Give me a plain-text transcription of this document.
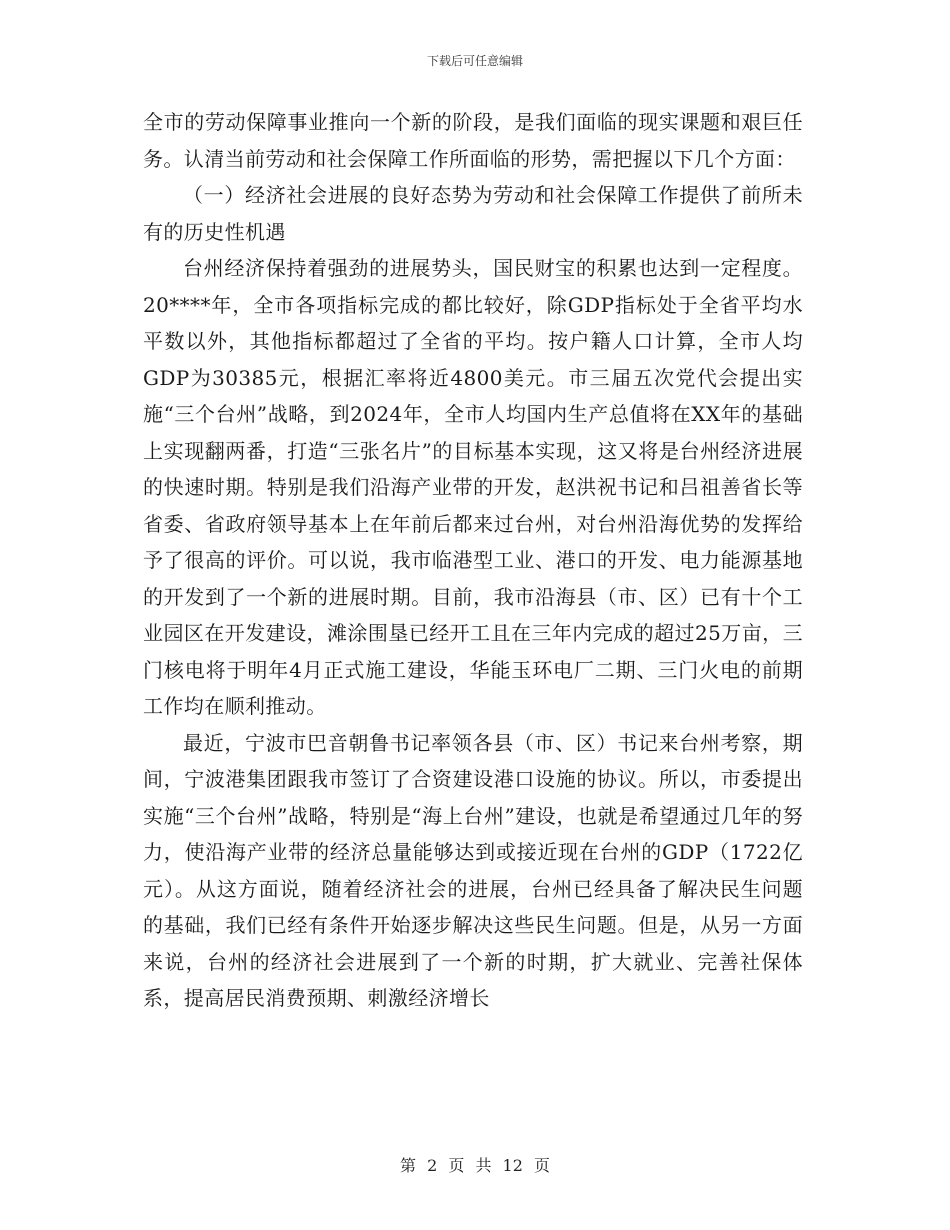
下载后可任意编辑

全市的劳动保障事业推向一个新的阶段，是我们面临的现实课题和艰巨任务。认清当前劳动和社会保障工作所面临的形势，需把握以下几个方面：

（一）经济社会进展的良好态势为劳动和社会保障工作提供了前所未有的历史性机遇

台州经济保持着强劲的进展势头，国民财宝的积累也达到一定程度。20****年，全市各项指标完成的都比较好，除GDP指标处于全省平均水平数以外，其他指标都超过了全省的平均。按户籍人口计算，全市人均GDP为30385元，根据汇率将近4800美元。市三届五次党代会提出实施“三个台州”战略，到2024年，全市人均国内生产总值将在XX年的基础上实现翻两番，打造“三张名片”的目标基本实现，这又将是台州经济进展的快速时期。特别是我们沿海产业带的开发，赵洪祝书记和吕祖善省长等省委、省政府领导基本上在年前后都来过台州，对台州沿海优势的发挥给予了很高的评价。可以说，我市临港型工业、港口的开发、电力能源基地的开发到了一个新的进展时期。目前，我市沿海县（市、区）已有十个工业园区在开发建设，滩涂围垦已经开工且在三年内完成的超过25万亩，三门核电将于明年4月正式施工建设，华能玉环电厂二期、三门火电的前期工作均在顺利推动。

最近，宁波市巴音朝鲁书记率领各县（市、区）书记来台州考察，期间，宁波港集团跟我市签订了合资建设港口设施的协议。所以，市委提出实施“三个台州”战略，特别是“海上台州”建设，也就是希望通过几年的努力，使沿海产业带的经济总量能够达到或接近现在台州的GDP（1722亿元）。从这方面说，随着经济社会的进展，台州已经具备了解决民生问题的基础，我们已经有条件开始逐步解决这些民生问题。但是，从另一方面来说，台州的经济社会进展到了一个新的时期，扩大就业、完善社保体系，提高居民消费预期、刺激经济增长

第 2 页 共 12 页
